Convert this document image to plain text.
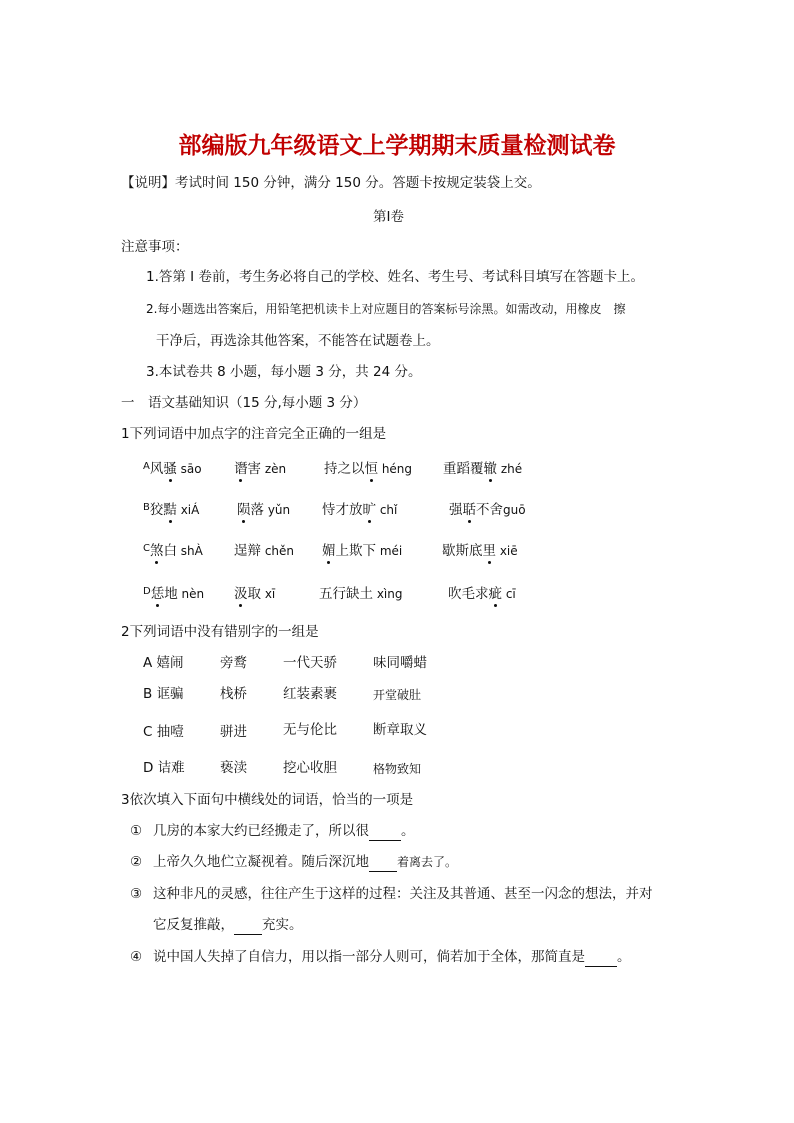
部编版九年级语文上学期期末质量检测试卷
【说明】考试时间 150 分钟，满分 150 分。答题卡按规定装袋上交。
第Ⅰ卷
注意事项：
1.答第 I 卷前，考生务必将自己的学校、姓名、考生号、考试科目填写在答题卡上。
2.每小题选出答案后，用铅笔把机读卡上对应题目的答案标号涂黑。如需改动，用橡皮　擦
干净后，再选涂其他答案，不能答在试题卷上。
3.本试卷共 8 小题，每小题 3 分，共 24 分。
一　语文基础知识（15 分,每小题 3 分）
1下列词语中加点字的注音完全正确的一组是
$^A$风骚 sāo 谮害 zèn	持之以恒 héng 重蹈覆辙 zhé
$^B$狡黠 xiÁ	陨落 yǔn 恃才放旷 chǐ	强聒不舍guō
$^C$煞白 shÀ 逞辩 chěn 媚上欺下 méi	歇斯底里 xiē
$^D$恁地 nèn 汲取 xī	五行缺土 xìng	吹毛求疵 cī
2下列词语中没有错别字的一组是
A 嬉闹	旁鹜	一代天骄	味同嚼蜡
B 诓骗	栈桥	红装素裹	开堂破肚
C 抽噎	骈进	无与伦比	断章取义
D 诘难	亵渎	挖心收胆	格物致知
3依次填入下面句中横线处的词语，恰当的一项是
① 几房的本家大约已经搬走了，所以很 。
② 上帝久久地伫立凝视着。随后深沉地 着离去了。
③ 这种非凡的灵感，往往产生于这样的过程：关注及其普通、甚至一闪念的想法，并对
它反复推敲， 充实。
④ 说中国人失掉了自信力，用以指一部分人则可，倘若加于全体，那简直是 。
